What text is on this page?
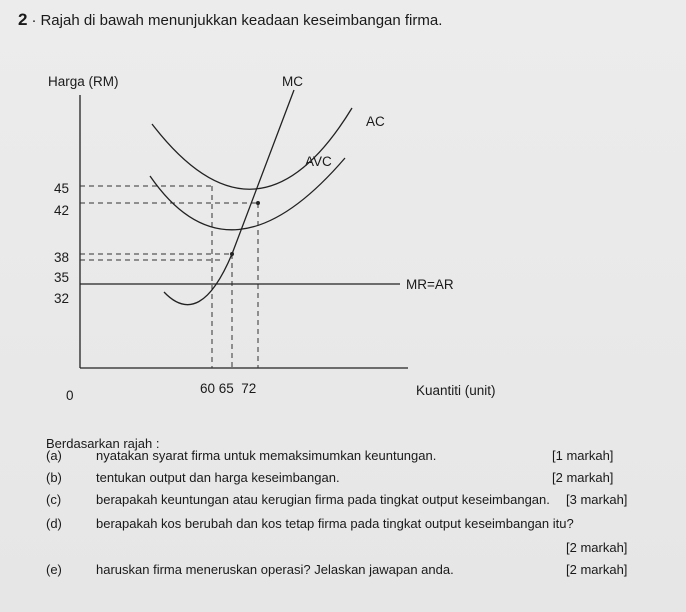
2 · Rajah di bawah menunjukkan keadaan keseimbangan firma.
Harga (RM)
Kuantiti (unit)
0
45
42
38
35
32
60 65  72
MR=AR
AVC
AC
MC
Berdasarkan rajah :
(a)	nyatakan syarat firma untuk memaksimumkan keuntungan.	[1 markah]
(b)	tentukan output dan harga keseimbangan.	[2 markah]
(c)	berapakah keuntungan atau kerugian firma pada tingkat output keseimbangan. [3 markah]
(d)	berapakah kos berubah dan kos tetap firma pada tingkat output keseimbangan itu?
[2 markah]
(e)	haruskan firma meneruskan operasi? Jelaskan jawapan anda.	[2 markah]
